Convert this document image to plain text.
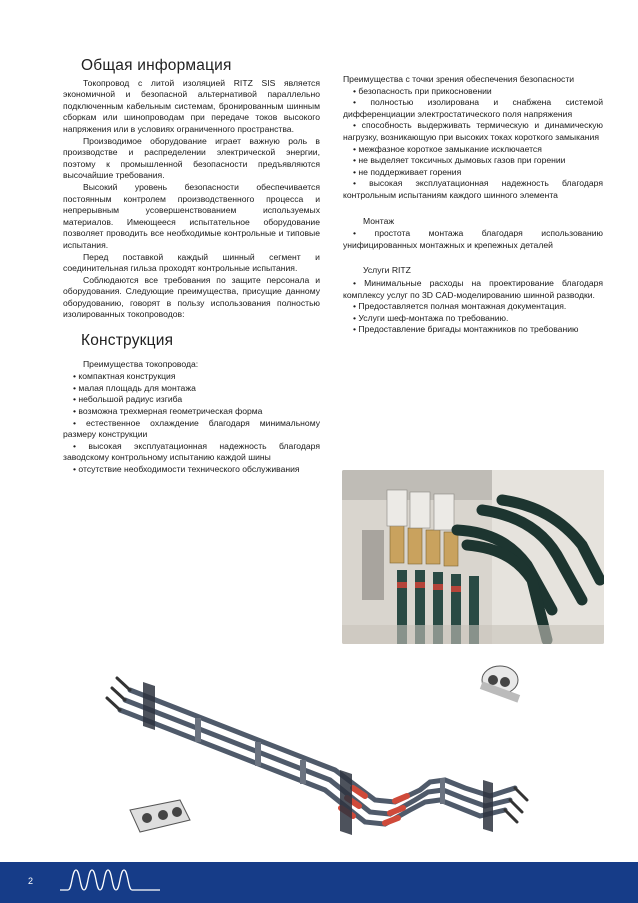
Общая информация

Токопровод с литой изоляцией RITZ SIS является экономичной и безопасной альтернативой параллельно подключенным кабельным системам, бронированным шинным сборкам или шинопроводам при передаче токов высокого напряжения или в условиях ограниченного пространства.

Производимое оборудование играет важную роль в производстве и распределении электрической энергии, поэтому к промышленной безопасности предъявляются высочайшие требования.

Высокий уровень безопасности обеспечивается постоянным контролем производственного процесса и непрерывным усовершенствованием используемых материалов. Имеющееся испытательное оборудование позволяет проводить все необходимые контрольные и типовые испытания.

Перед поставкой каждый шинный сегмент и соединительная гильза проходят контрольные испытания.

Соблюдаются все требования по защите персонала и оборудования. Следующие преимущества, присущие данному оборудованию, говорят в пользу использования полностью изолированных токопроводов:

Конструкция

Преимущества токопровода:

• компактная конструкция
• малая площадь для монтажа
• небольшой радиус изгиба
• возможна трехмерная геометрическая форма
• естественное охлаждение благодаря минимальному размеру конструкции
• высокая эксплуатационная надежность благодаря заводскому контрольному испытанию каждой шины
• отсутствие необходимости технического обслуживания

Преимущества с точки зрения обеспечения безопасности

• безопасность при прикосновении
• полностью изолирована и снабжена системой дифференциации электростатического поля напряжения
• способность выдерживать термическую и динамическую нагрузку, возникающую при высоких токах короткого замыкания
• межфазное короткое замыкание исключается
• не выделяет токсичных дымовых газов при горении
• не поддерживает горения
• высокая эксплуатационная надежность благодаря контрольным испытаниям каждого шинного элемента

Монтаж

• простота монтажа благодаря использованию унифицированных монтажных и крепежных деталей

Услуги RITZ

• Минимальные расходы на проектирование благодаря комплексу услуг по 3D CAD-моделированию шинной разводки.
• Предоставляется полная монтажная документация.
• Услуги шеф-монтажа по требованию.
• Предоставление бригады монтажников по требованию
2
